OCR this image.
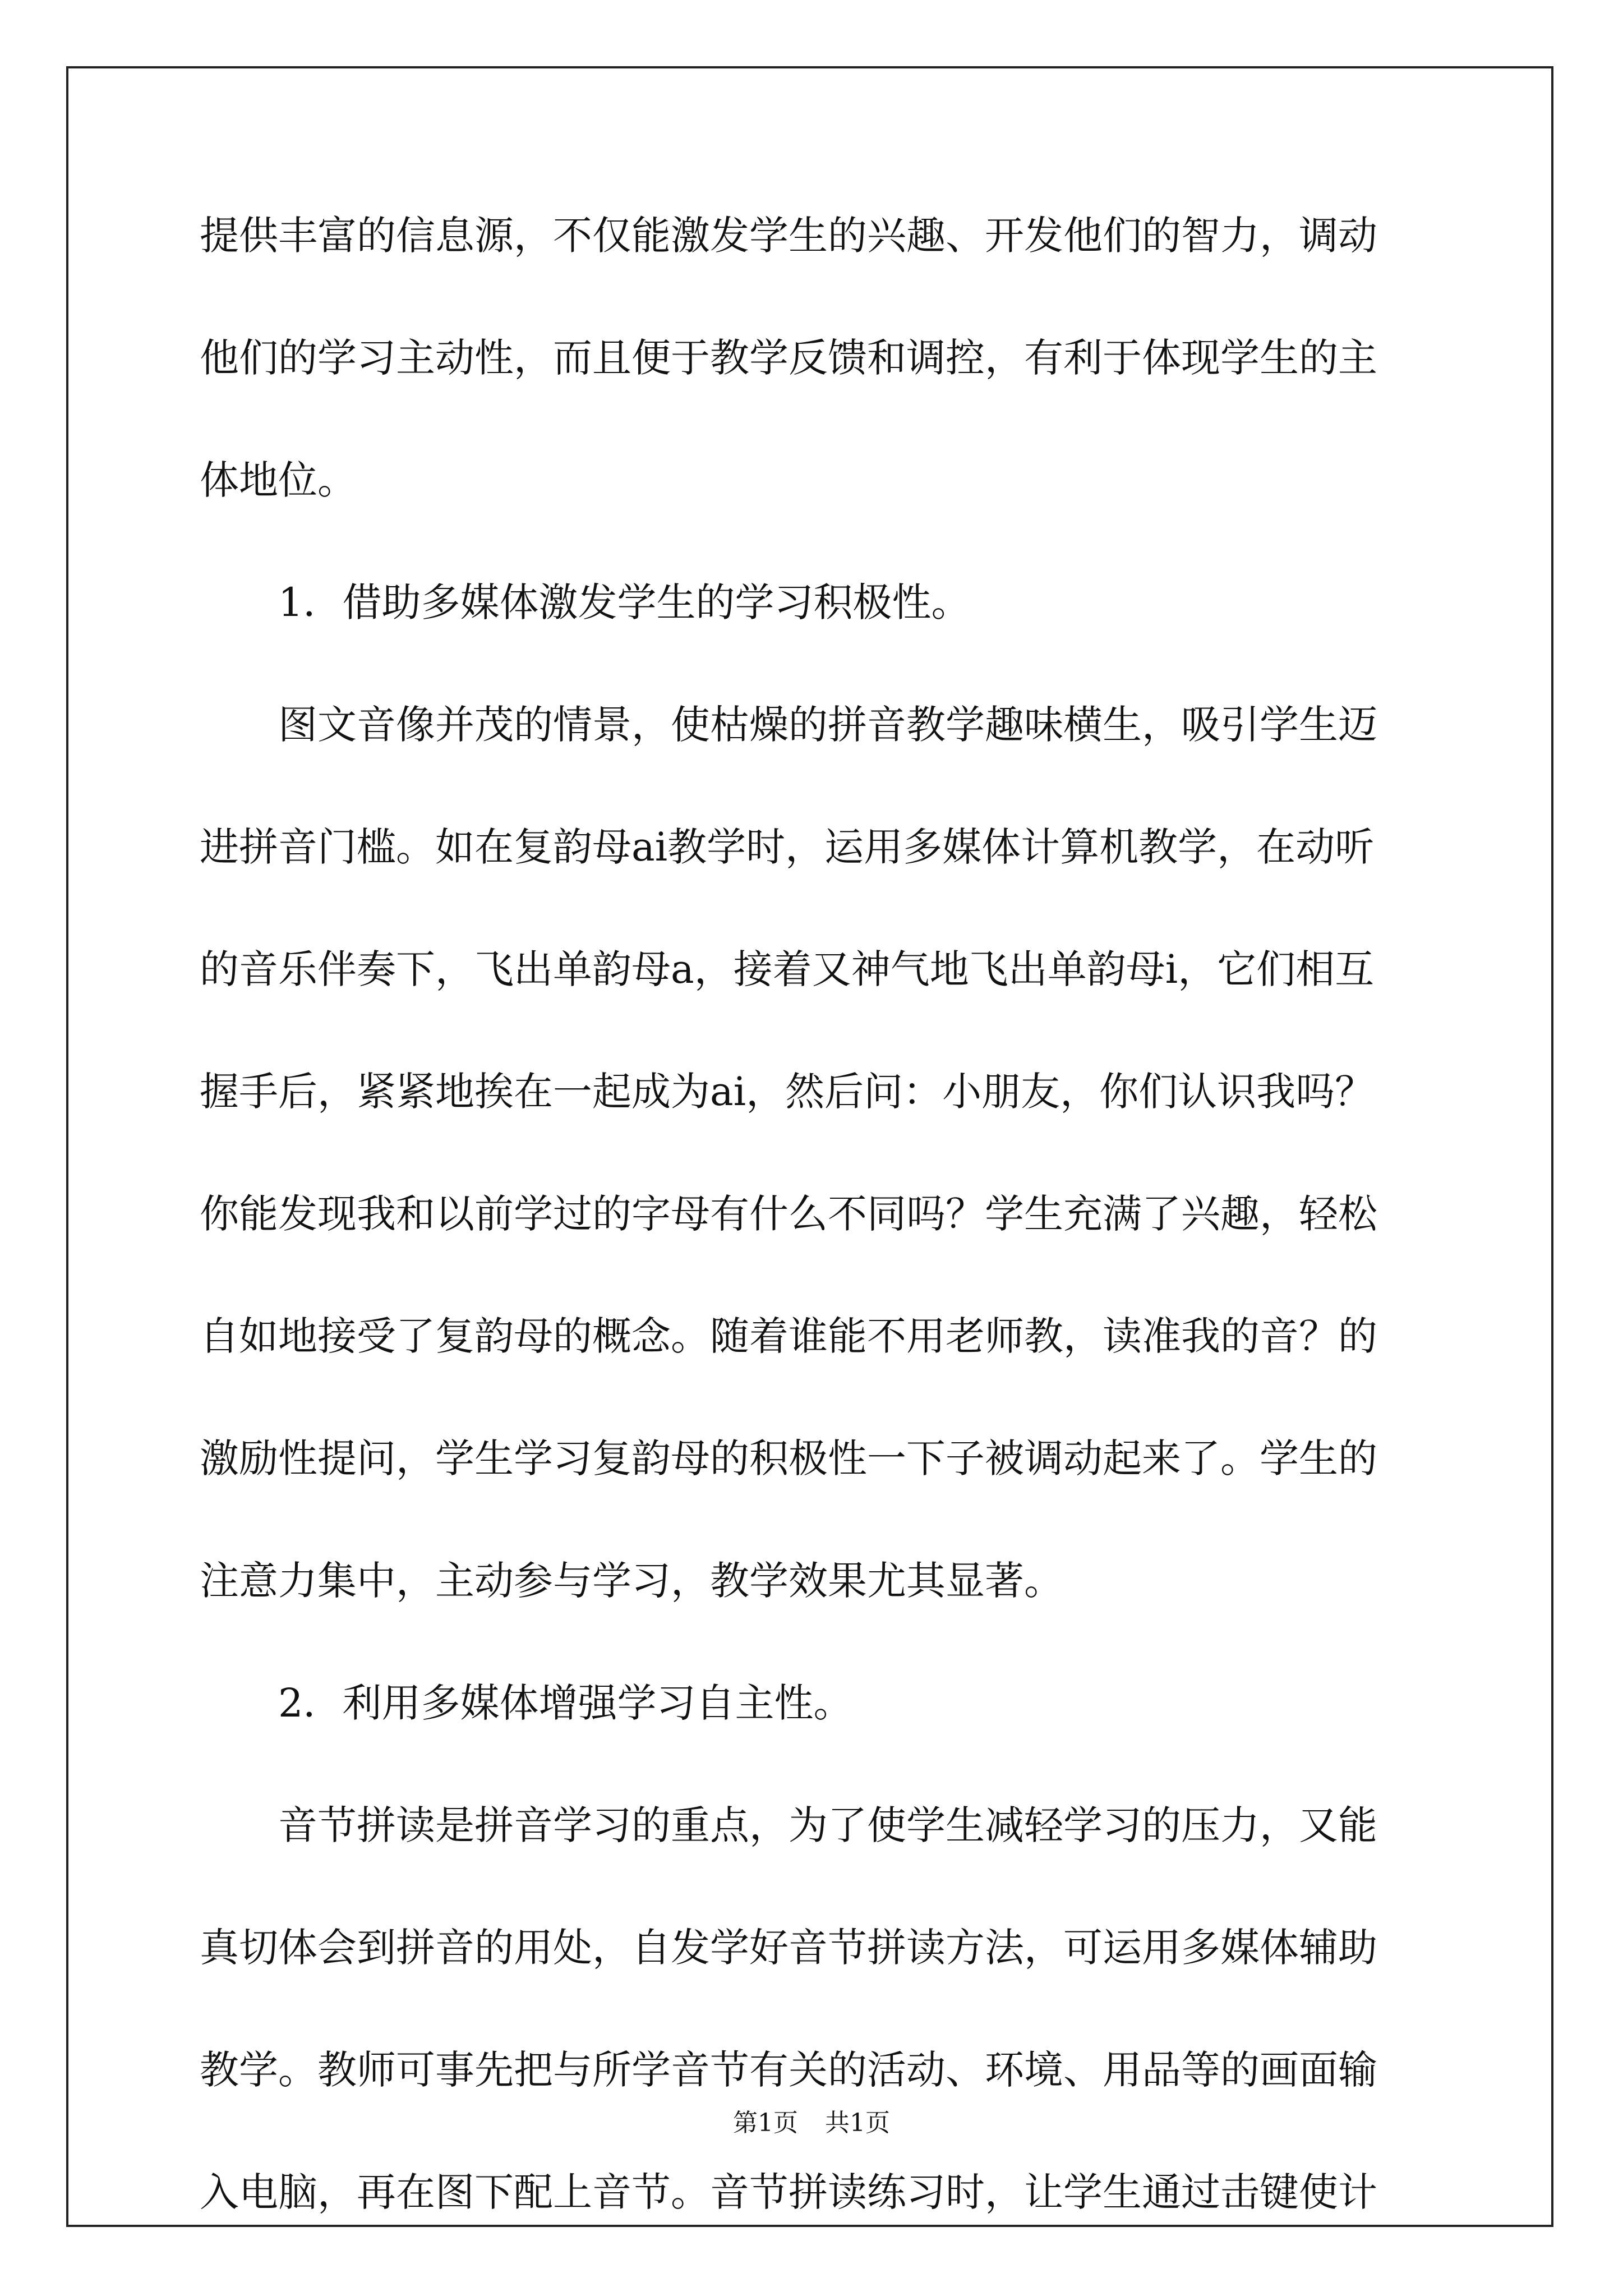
提供丰富的信息源，不仅能激发学生的兴趣、开发他们的智力，调动
他们的学习主动性，而且便于教学反馈和调控，有利于体现学生的主
体地位。
1．借助多媒体激发学生的学习积极性。
图文音像并茂的情景，使枯燥的拼音教学趣味横生，吸引学生迈
进拼音门槛。如在复韵母ai教学时，运用多媒体计算机教学，在动听
的音乐伴奏下，飞出单韵母a，接着又神气地飞出单韵母i，它们相互
握手后，紧紧地挨在一起成为ai，然后问：小朋友，你们认识我吗？
你能发现我和以前学过的字母有什么不同吗？学生充满了兴趣，轻松
自如地接受了复韵母的概念。随着谁能不用老师教，读准我的音？的
激励性提问，学生学习复韵母的积极性一下子被调动起来了。学生的
注意力集中，主动参与学习，教学效果尤其显著。
2．利用多媒体增强学习自主性。
音节拼读是拼音学习的重点，为了使学生减轻学习的压力，又能
真切体会到拼音的用处，自发学好音节拼读方法，可运用多媒体辅助
教学。教师可事先把与所学音节有关的活动、环境、用品等的画面输
入电脑，再在图下配上音节。音节拼读练习时，让学生通过击键使计
第1页 共1页
